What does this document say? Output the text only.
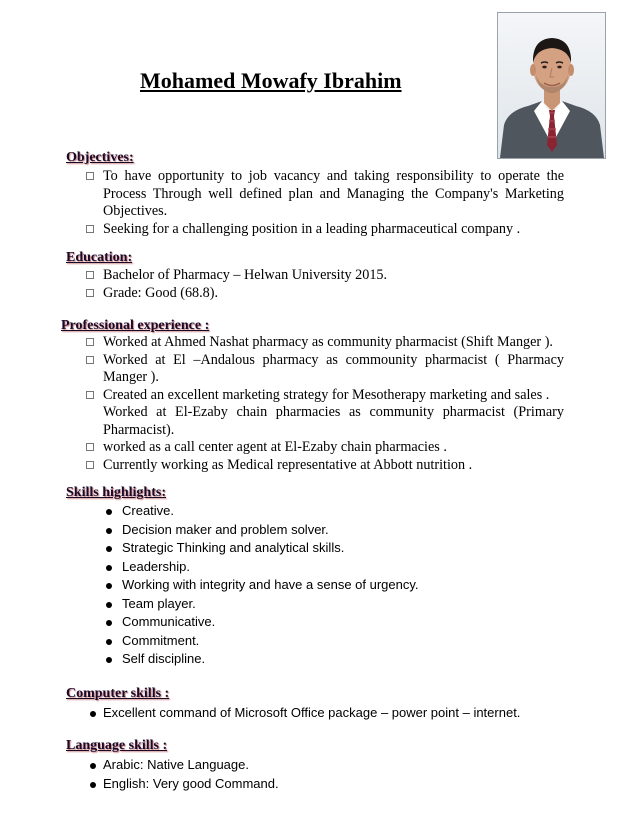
Mohamed Mowafy Ibrahim
Objectives:
To have opportunity to job vacancy and taking responsibility to operate the Process Through well defined plan and Managing the Company's Marketing Objectives.
Seeking for a challenging position in a leading pharmaceutical company .
Education:
Bachelor of Pharmacy – Helwan University 2015.
Grade: Good (68.8).
Professional experience :
Worked at Ahmed Nashat pharmacy as community pharmacist (Shift Manger ).
Worked at El –Andalous pharmacy as commounity pharmacist ( Pharmacy Manger ).
Created an excellent marketing strategy for Mesotherapy marketing and sales .
Worked at El-Ezaby chain pharmacies as community pharmacist (Primary Pharmacist).
worked as a call center agent at El-Ezaby chain pharmacies .
Currently working as Medical representative at Abbott nutrition .
Skills highlights:
Creative.
Decision maker and problem solver.
Strategic Thinking and analytical skills.
Leadership.
Working with integrity and have a sense of urgency.
Team player.
Communicative.
Commitment.
Self discipline.
Computer skills :
Excellent command of Microsoft Office package – power point – internet.
Language skills :
Arabic: Native Language.
English: Very good Command.
